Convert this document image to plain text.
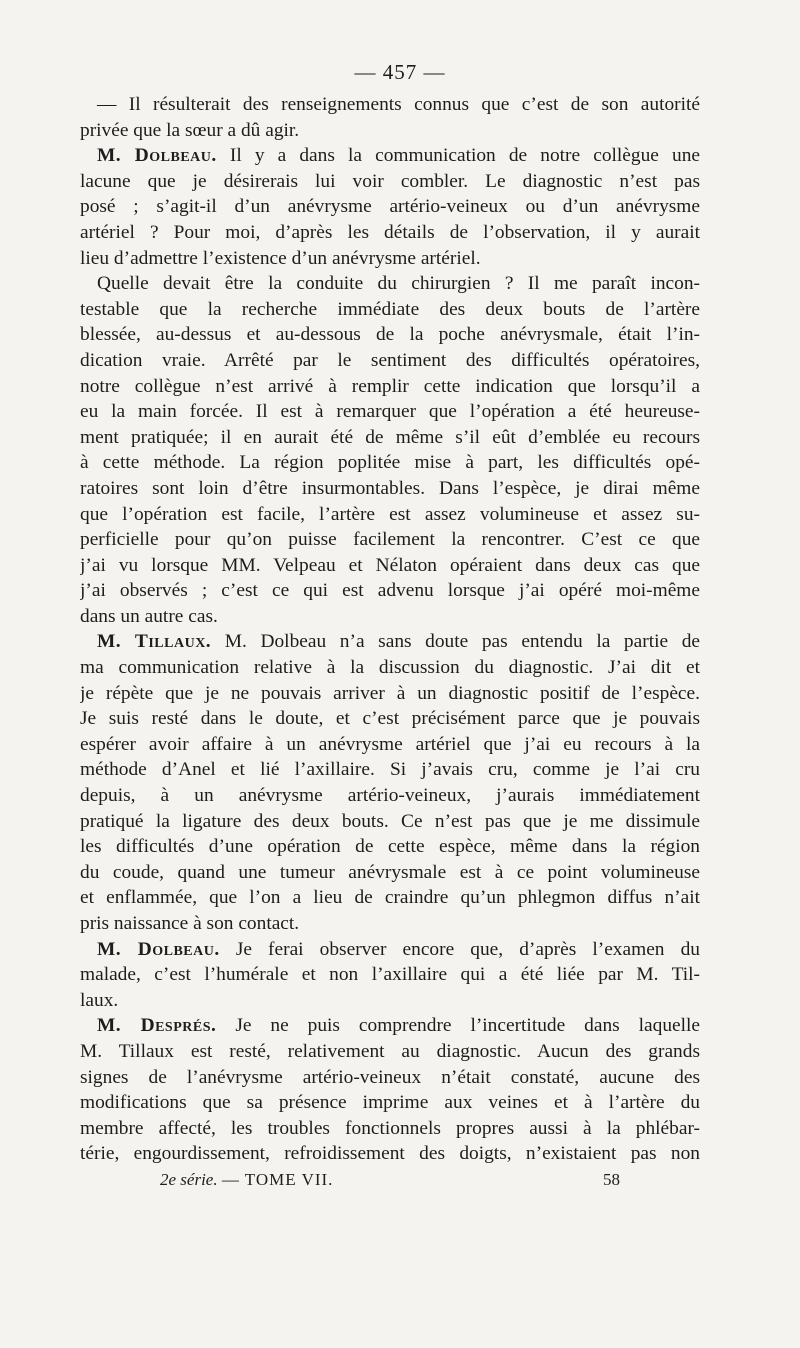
— 457 —
— Il résulterait des renseignements connus que c’est de son autorité
privée que la sœur a dû agir.
M. Dolbeau. Il y a dans la communication de notre collègue une
lacune que je désirerais lui voir combler. Le diagnostic n’est pas
posé ; s’agit-il d’un anévrysme artério-veineux ou d’un anévrysme
artériel ? Pour moi, d’après les détails de l’observation, il y aurait
lieu d’admettre l’existence d’un anévrysme artériel.
Quelle devait être la conduite du chirurgien ? Il me paraît incon-
testable que la recherche immédiate des deux bouts de l’artère
blessée, au-dessus et au-dessous de la poche anévrysmale, était l’in-
dication vraie. Arrêté par le sentiment des difficultés opératoires,
notre collègue n’est arrivé à remplir cette indication que lorsqu’il a
eu la main forcée. Il est à remarquer que l’opération a été heureuse-
ment pratiquée; il en aurait été de même s’il eût d’emblée eu recours
à cette méthode. La région poplitée mise à part, les difficultés opé-
ratoires sont loin d’être insurmontables. Dans l’espèce, je dirai même
que l’opération est facile, l’artère est assez volumineuse et assez su-
perficielle pour qu’on puisse facilement la rencontrer. C’est ce que
j’ai vu lorsque MM. Velpeau et Nélaton opéraient dans deux cas que
j’ai observés ; c’est ce qui est advenu lorsque j’ai opéré moi-même
dans un autre cas.
M. Tillaux. M. Dolbeau n’a sans doute pas entendu la partie de
ma communication relative à la discussion du diagnostic. J’ai dit et
je répète que je ne pouvais arriver à un diagnostic positif de l’espèce.
Je suis resté dans le doute, et c’est précisément parce que je pouvais
espérer avoir affaire à un anévrysme artériel que j’ai eu recours à la
méthode d’Anel et lié l’axillaire. Si j’avais cru, comme je l’ai cru
depuis, à un anévrysme artério-veineux, j’aurais immédiatement
pratiqué la ligature des deux bouts. Ce n’est pas que je me dissimule
les difficultés d’une opération de cette espèce, même dans la région
du coude, quand une tumeur anévrysmale est à ce point volumineuse
et enflammée, que l’on a lieu de craindre qu’un phlegmon diffus n’ait
pris naissance à son contact.
M. Dolbeau. Je ferai observer encore que, d’après l’examen du
malade, c’est l’humérale et non l’axillaire qui a été liée par M. Til-
laux.
M. Després. Je ne puis comprendre l’incertitude dans laquelle
M. Tillaux est resté, relativement au diagnostic. Aucun des grands
signes de l’anévrysme artério-veineux n’était constaté, aucune des
modifications que sa présence imprime aux veines et à l’artère du
membre affecté, les troubles fonctionnels propres aussi à la phlébar-
térie, engourdissement, refroidissement des doigts, n’existaient pas non
2e série. — TOME VII.	58
